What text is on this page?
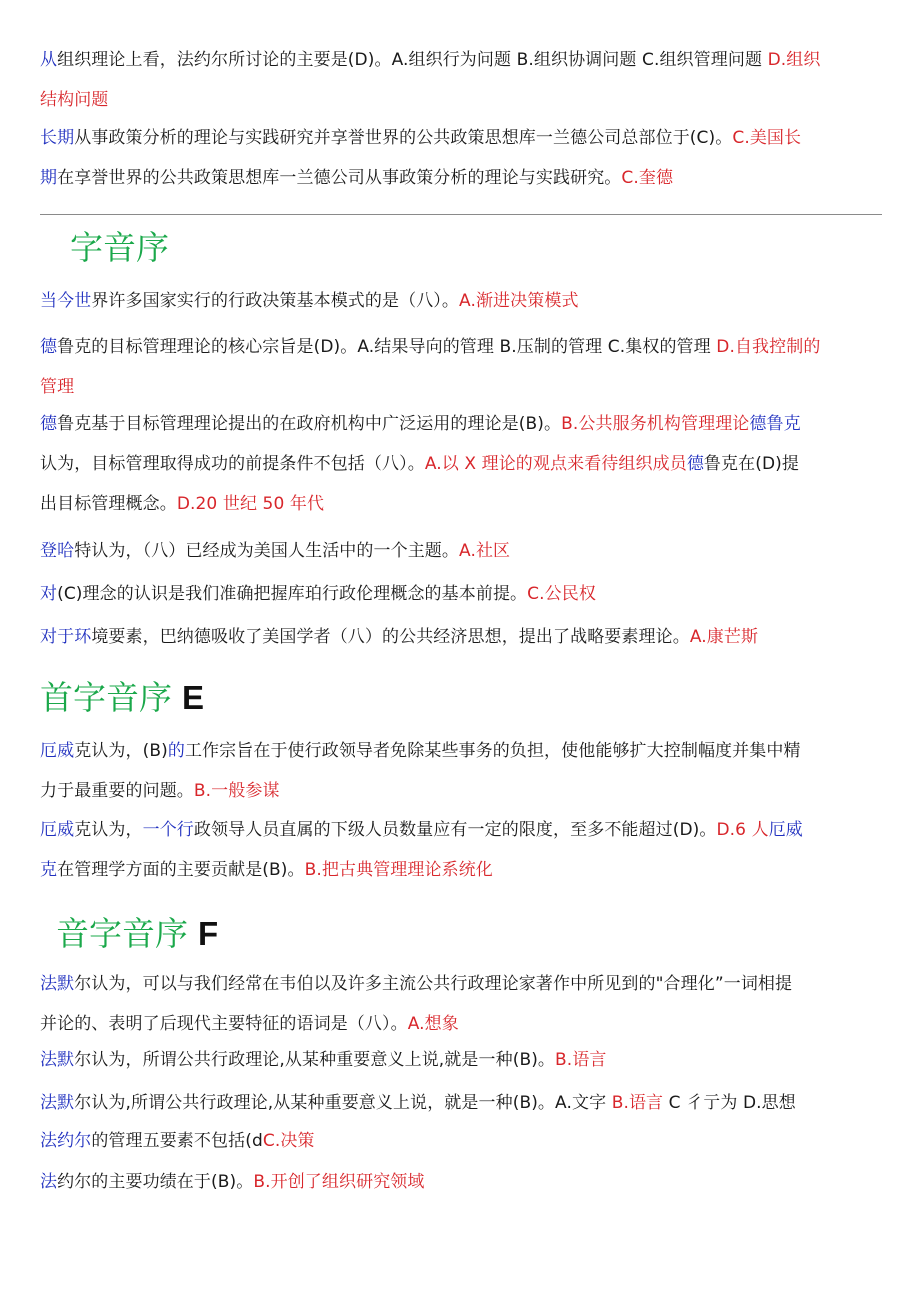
从组织理论上看，法约尔所讨论的主要是(D)。A.组织行为问题 B.组织协调问题 C.组织管理问题 D.组织
结构问题

长期从事政策分析的理论与实践研究并享誉世界的公共政策思想库一兰德公司总部位于(C)。C.美国长
期在享誉世界的公共政策思想库一兰德公司从事政策分析的理论与实践研究。C.奎德

字音序

当今世界许多国家实行的行政决策基本模式的是（八）。A.渐进决策模式

德鲁克的目标管理理论的核心宗旨是(D)。A.结果导向的管理 B.压制的管理 C.集权的管理 D.自我控制的
管理

德鲁克基于目标管理理论提出的在政府机构中广泛运用的理论是(B)。B.公共服务机构管理理论德鲁克
认为，目标管理取得成功的前提条件不包括（八）。A.以 X 理论的观点来看待组织成员德鲁克在(D)提
出目标管理概念。D.20 世纪 50 年代

登哈特认为，（八）已经成为美国人生活中的一个主题。A.社区

对(C)理念的认识是我们准确把握库珀行政伦理概念的基本前提。C.公民权

对于环境要素，巴纳德吸收了美国学者（八）的公共经济思想，提出了战略要素理论。A.康芒斯

首字音序 E

厄威克认为，(B)的工作宗旨在于使行政领导者免除某些事务的负担，使他能够扩大控制幅度并集中精
力于最重要的问题。B.一般参谋

厄威克认为，一个行政领导人员直属的下级人员数量应有一定的限度，至多不能超过(D)。D.6 人厄威
克在管理学方面的主要贡献是(B)。B.把古典管理理论系统化

音字音序 F

法默尔认为，可以与我们经常在韦伯以及许多主流公共行政理论家著作中所见到的"合理化”一词相提
并论的、表明了后现代主要特征的语词是（八）。A.想象

法默尔认为，所谓公共行政理论,从某种重要意义上说,就是一种(B)。B.语言

法默尔认为,所谓公共行政理论,从某种重要意义上说，就是一种(B)。A.文字 B.语言 C 彳亍为 D.思想

法约尔的管理五要素不包括(dC.决策

法约尔的主要功绩在于(B)。B.开创了组织研究领域
